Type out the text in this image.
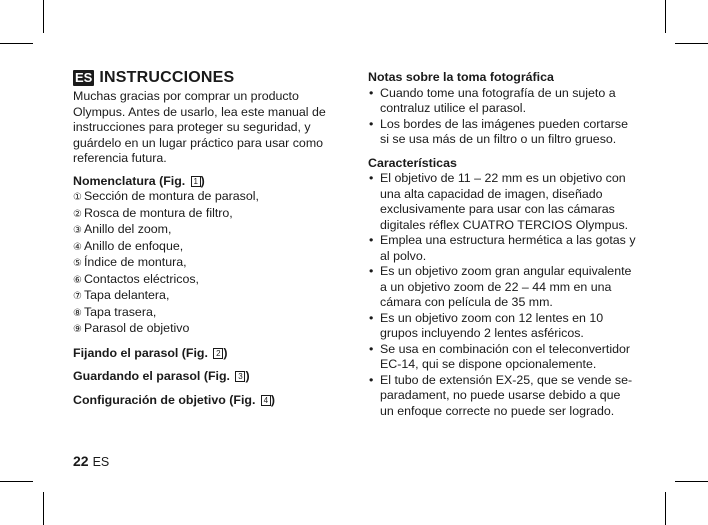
ES INSTRUCCIONES

Muchas gracias por comprar un producto Olympus. Antes de usarlo, lea este manual de instrucciones para proteger su seguridad, y guárdelo en un lugar práctico para usar como referencia futura.

Nomenclatura (Fig. 1 )
① Sección de montura de parasol,
② Rosca de montura de filtro,
③ Anillo del zoom,
④ Anillo de enfoque,
⑤ Índice de montura,
⑥ Contactos eléctricos,
⑦ Tapa delantera,
⑧ Tapa trasera,
⑨ Parasol de objetivo
Fijando el parasol (Fig. 2 )
Guardando el parasol (Fig. 3 )
Configuración de objetivo (Fig. 4 )
Notas sobre la toma fotográfica
• Cuando tome una fotografía de un sujeto a contraluz utilice el parasol.
• Los bordes de las imágenes pueden cortarse si se usa más de un filtro o un filtro grueso.
Características
• El objetivo de 11 – 22 mm es un objetivo con una alta capacidad de imagen, diseñado exclusivamente para usar con las cámaras digitales réflex CUATRO TERCIOS Olympus.
• Emplea una estructura hermética a las gotas y al polvo.
• Es un objetivo zoom gran angular equivalente a un objetivo zoom de 22 – 44 mm en una cámara con película de 35 mm.
• Es un objetivo zoom con 12 lentes en 10 grupos incluyendo 2 lentes asféricos.
• Se usa en combinación con el teleconvertidor EC-14, qui se dispone opcionalemente.
• El tubo de extensión EX-25, que se vende se-paradament, no puede usarse debido a que un enfoque correcte no puede ser logrado.
22 ES
